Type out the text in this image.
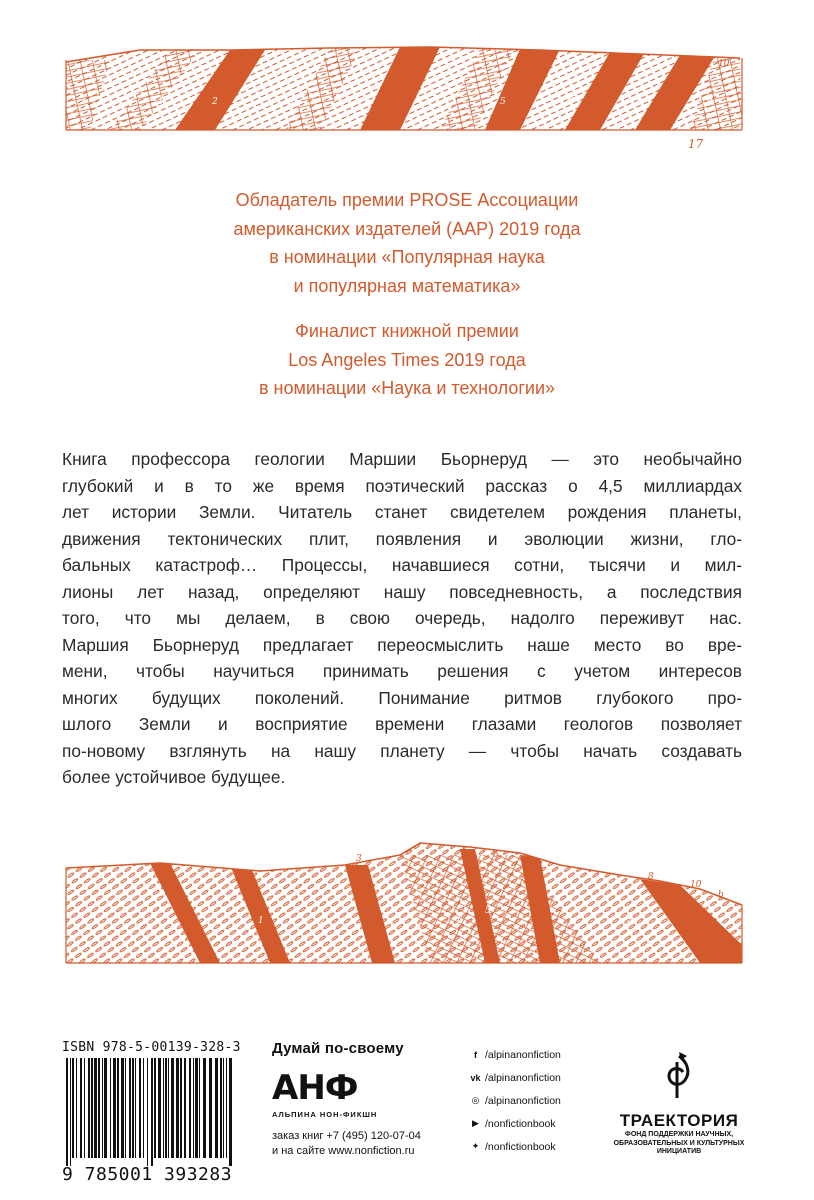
1	2	3	4	5	7	8	9
10
17
Обладатель премии PROSE Ассоциации
американских издателей (ААР) 2019 года
в номинации «Популярная наука
и популярная математика»
Финалист книжной премии
Los Angeles Times 2019 года
в номинации «Наука и технологии»
Книга профессора геологии Маршии Бьорнеруд — это необычайно
глубокий и в то же время поэтический рассказ о 4,5 миллиардах
лет истории Земли. Читатель станет свидетелем рождения планеты,
движения тектонических плит, появления и эволюции жизни, гло-
бальных катастроф… Процессы, начавшиеся сотни, тысячи и мил-
лионы лет назад, определяют нашу повседневность, а последствия
того, что мы делаем, в свою очередь, надолго переживут нас.
Маршия Бьорнеруд предлагает переосмыслить наше место во вре-
мени, чтобы научиться принимать решения с учетом интересов
многих будущих поколений. Понимание ритмов глубокого про-
шлого Земли и восприятие времени глазами геологов позволяет
по-новому взглянуть на нашу планету — чтобы начать создавать
более устойчивое будущее.
1	2	4
5
7
3	6
8
10
b
ISBN 978-5-00139-328-3
9 785001 393283
Думай по-своему
АНФ
АЛЬПИНА НОН-ФИКШН
заказ книг +7 (495) 120-07-04
и на сайте www.nonfiction.ru
f /alpinanonfiction
vk /alpinanonfiction
◎ /alpinanonfiction
▶ /nonfictionbook
✦ /nonfictionbook
ТРАЕКТОРИЯ
ФОНД ПОДДЕРЖКИ НАУЧНЫХ,
ОБРАЗОВАТЕЛЬНЫХ И КУЛЬТУРНЫХ
ИНИЦИАТИВ
